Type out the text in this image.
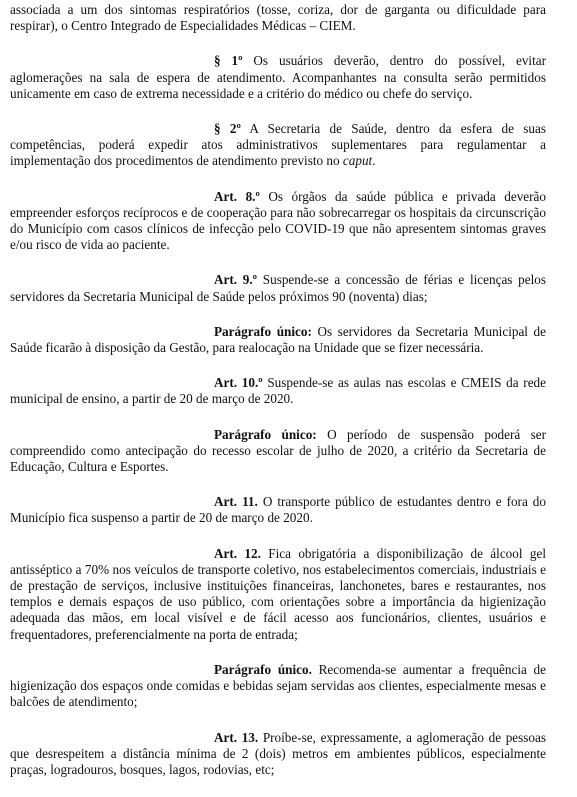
associada a um dos sintomas respiratórios (tosse, coriza, dor de garganta ou dificuldade para respirar), o Centro Integrado de Especialidades Médicas – CIEM.

§ 1º Os usuários deverão, dentro do possível, evitar aglomerações na sala de espera de atendimento. Acompanhantes na consulta serão permitidos unicamente em caso de extrema necessidade e a critério do médico ou chefe do serviço.

§ 2º A Secretaria de Saúde, dentro da esfera de suas competências, poderá expedir atos administrativos suplementares para regulamentar a implementação dos procedimentos de atendimento previsto no caput.

Art. 8.º Os órgãos da saúde pública e privada deverão empreender esforços recíprocos e de cooperação para não sobrecarregar os hospitais da circunscrição do Município com casos clínicos de infecção pelo COVID-19 que não apresentem sintomas graves e/ou risco de vida ao paciente.

Art. 9.º Suspende-se a concessão de férias e licenças pelos servidores da Secretaria Municipal de Saúde pelos próximos 90 (noventa) dias;

Parágrafo único: Os servidores da Secretaria Municipal de Saúde ficarão à disposição da Gestão, para realocação na Unidade que se fizer necessária.

Art. 10.º Suspende-se as aulas nas escolas e CMEIS da rede municipal de ensino, a partir de 20 de março de 2020.

Parágrafo único: O período de suspensão poderá ser compreendido como antecipação do recesso escolar de julho de 2020, a critério da Secretaria de Educação, Cultura e Esportes.

Art. 11. O transporte público de estudantes dentro e fora do Município fica suspenso a partir de 20 de março de 2020.

Art. 12. Fica obrigatória a disponibilização de álcool gel antisséptico a 70% nos veículos de transporte coletivo, nos estabelecimentos comerciais, industriais e de prestação de serviços, inclusive instituições financeiras, lanchonetes, bares e restaurantes, nos templos e demais espaços de uso público, com orientações sobre a importância da higienização adequada das mãos, em local visível e de fácil acesso aos funcionários, clientes, usuários e frequentadores, preferencialmente na porta de entrada;

Parágrafo único. Recomenda-se aumentar a frequência de higienização dos espaços onde comidas e bebidas sejam servidas aos clientes, especialmente mesas e balcões de atendimento;

Art. 13. Proíbe-se, expressamente, a aglomeração de pessoas que desrespeitem a distância mínima de 2 (dois) metros em ambientes públicos, especialmente praças, logradouros, bosques, lagos, rodovias, etc;
